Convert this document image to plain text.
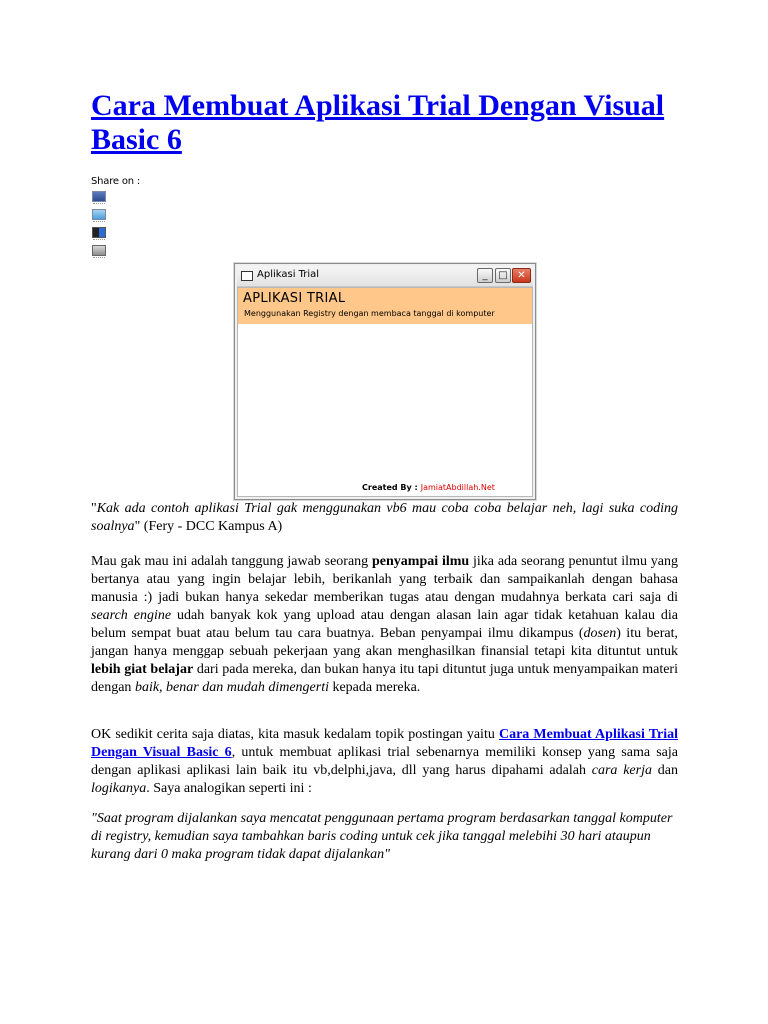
Cara Membuat Aplikasi Trial Dengan Visual Basic 6
Share on :

"Kak ada contoh aplikasi Trial gak menggunakan vb6 mau coba coba belajar neh, lagi suka coding soalnya" (Fery - DCC Kampus A)

Mau gak mau ini adalah tanggung jawab seorang penyampai ilmu jika ada seorang penuntut ilmu yang bertanya atau yang ingin belajar lebih, berikanlah yang terbaik dan sampaikanlah dengan bahasa manusia :) jadi bukan hanya sekedar memberikan tugas atau dengan mudahnya berkata cari saja di search engine udah banyak kok yang upload atau dengan alasan lain agar tidak ketahuan kalau dia belum sempat buat atau belum tau cara buatnya. Beban penyampai ilmu dikampus (dosen) itu berat, jangan hanya menggap sebuah pekerjaan yang akan menghasilkan finansial tetapi kita dituntut untuk lebih giat belajar dari pada mereka, dan bukan hanya itu tapi dituntut juga untuk menyampaikan materi dengan baik, benar dan mudah dimengerti kepada mereka.

OK sedikit cerita saja diatas, kita masuk kedalam topik postingan yaitu Cara Membuat Aplikasi Trial Dengan Visual Basic 6, untuk membuat aplikasi trial sebenarnya memiliki konsep yang sama saja dengan aplikasi aplikasi lain baik itu vb,delphi,java, dll yang harus dipahami adalah cara kerja dan logikanya. Saya analogikan seperti ini :

"Saat program dijalankan saya mencatat penggunaan pertama program berdasarkan tanggal komputer di registry, kemudian saya tambahkan baris coding untuk cek jika tanggal melebihi 30 hari ataupun kurang dari 0 maka program tidak dapat dijalankan"

Aplikasi Trial	_	□ ✕
APLIKASI TRIAL
Menggunakan Registry dengan membaca tanggal di komputer
Created By : JamiatAbdillah.Net
